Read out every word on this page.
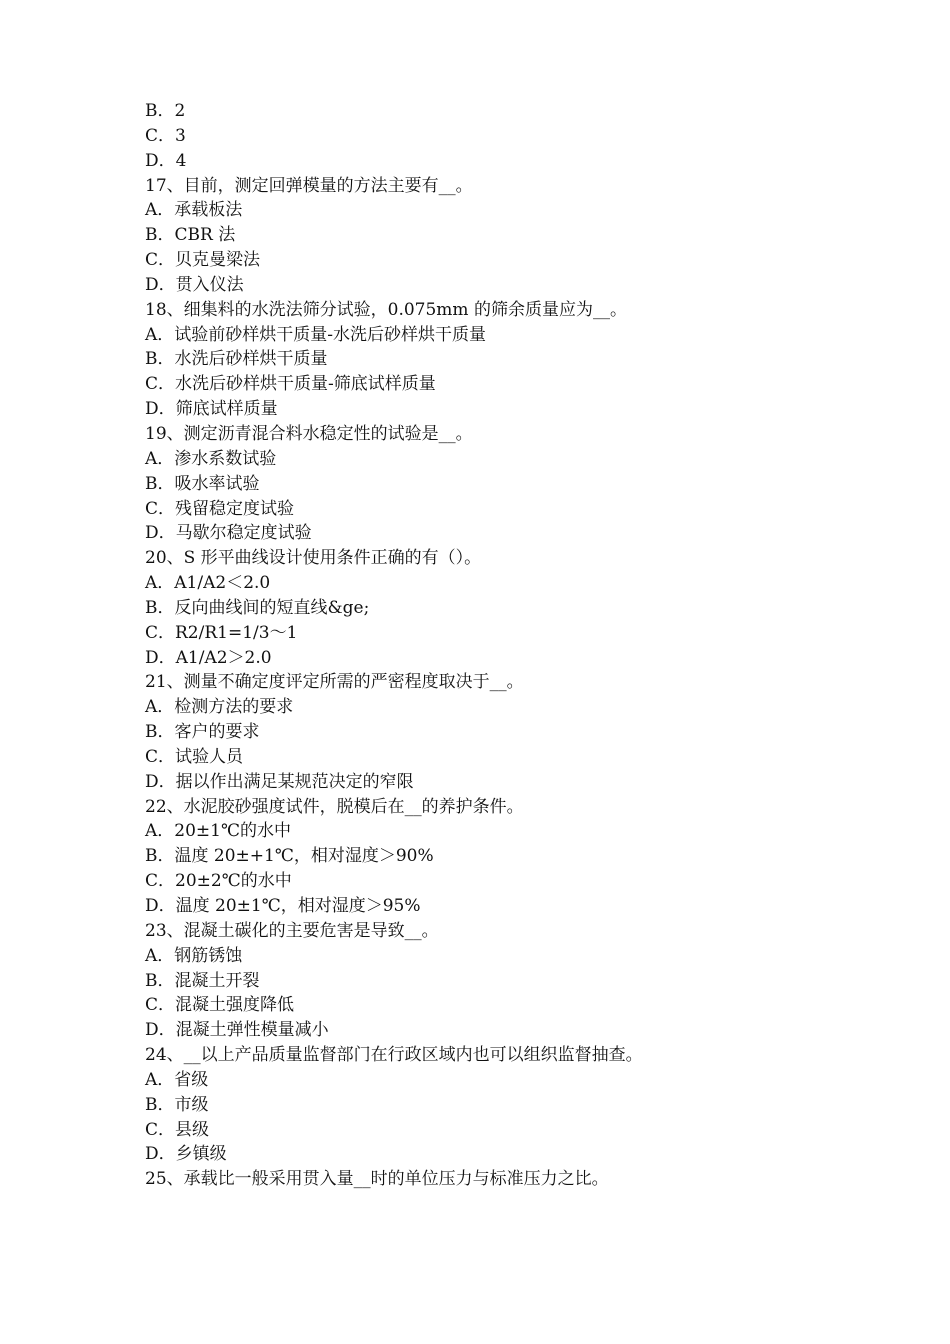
B．2
C．3
D．4
17、目前，测定回弹模量的方法主要有__。
A．承载板法
B．CBR 法
C．贝克曼梁法
D．贯入仪法
18、细集料的水洗法筛分试验，0.075mm 的筛余质量应为__。
A．试验前砂样烘干质量-水洗后砂样烘干质量
B．水洗后砂样烘干质量
C．水洗后砂样烘干质量-筛底试样质量
D．筛底试样质量
19、测定沥青混合料水稳定性的试验是__。
A．渗水系数试验
B．吸水率试验
C．残留稳定度试验
D．马歇尔稳定度试验
20、S 形平曲线设计使用条件正确的有（）。
A．A1/A2＜2.0
B．反向曲线间的短直线&ge;
C．R2/R1=1/3～1
D．A1/A2＞2.0
21、测量不确定度评定所需的严密程度取决于__。
A．检测方法的要求
B．客户的要求
C．试验人员
D．据以作出满足某规范决定的窄限
22、水泥胶砂强度试件，脱模后在__的养护条件。
A．20±1℃的水中
B．温度 20±+1℃，相对湿度＞90%
C．20±2℃的水中
D．温度 20±1℃，相对湿度＞95%
23、混凝土碳化的主要危害是导致__。
A．钢筋锈蚀
B．混凝土开裂
C．混凝土强度降低
D．混凝土弹性模量减小
24、__以上产品质量监督部门在行政区域内也可以组织监督抽查。
A．省级
B．市级
C．县级
D．乡镇级
25、承载比一般采用贯入量__时的单位压力与标准压力之比。
